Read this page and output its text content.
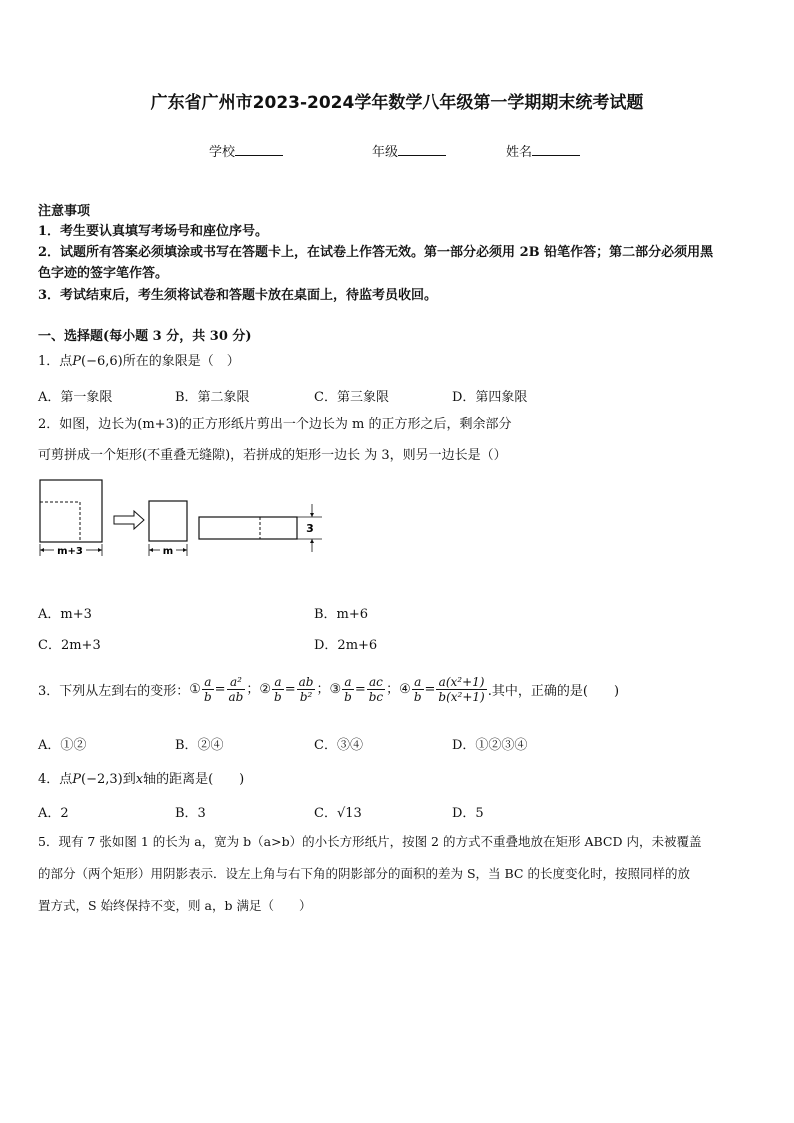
广东省广州市2023-2024学年数学八年级第一学期期末统考试题
学校	年级	姓名
注意事项
1．考生要认真填写考场号和座位序号。
2．试题所有答案必须填涂或书写在答题卡上，在试卷上作答无效。第一部分必须用 2B 铅笔作答；第二部分必须用黑
色字迹的签字笔作答。
3．考试结束后，考生须将试卷和答题卡放在桌面上，待监考员收回。
一、选择题(每小题 3 分，共 30 分)
1．点P(−6,6)所在的象限是（　）
A．第一象限	B．第二象限	C．第三象限	D．第四象限
2．如图，边长为(m+3)的正方形纸片剪出一个边长为 m 的正方形之后，剩余部分
可剪拼成一个矩形(不重叠无缝隙)，若拼成的矩形一边长 为 3，则另一边长是（）
m+3	m
3
A．m+3	B．m+6
C．2m+3	D．2m+6
3．下列从左到右的变形： ① $\frac{a}{b} = \frac{\text{a²}}{ab}$ ； ② $\frac{a}{b} = \frac{ab}{\text{b²}}$ ； ③ $\frac{a}{b} = \frac{ac}{bc}$ ； ④ $\frac{a}{b} = \frac{\text{a(x²+1)}}{\text{b(x²+1)}}$ .其中，正确的是(　　)
A．①②	B．②④	C．③④	D．①②③④
4．点P(−2,3)到x轴的距离是(　　)
A．2	B．3	C．√13	D．5
5．现有 7 张如图 1 的长为 a，宽为 b（a>b）的小长方形纸片，按图 2 的方式不重叠地放在矩形 ABCD 内，未被覆盖
的部分（两个矩形）用阴影表示．设左上角与右下角的阴影部分的面积的差为 S，当 BC 的长度变化时，按照同样的放
置方式，S 始终保持不变，则 a，b 满足（　　）
